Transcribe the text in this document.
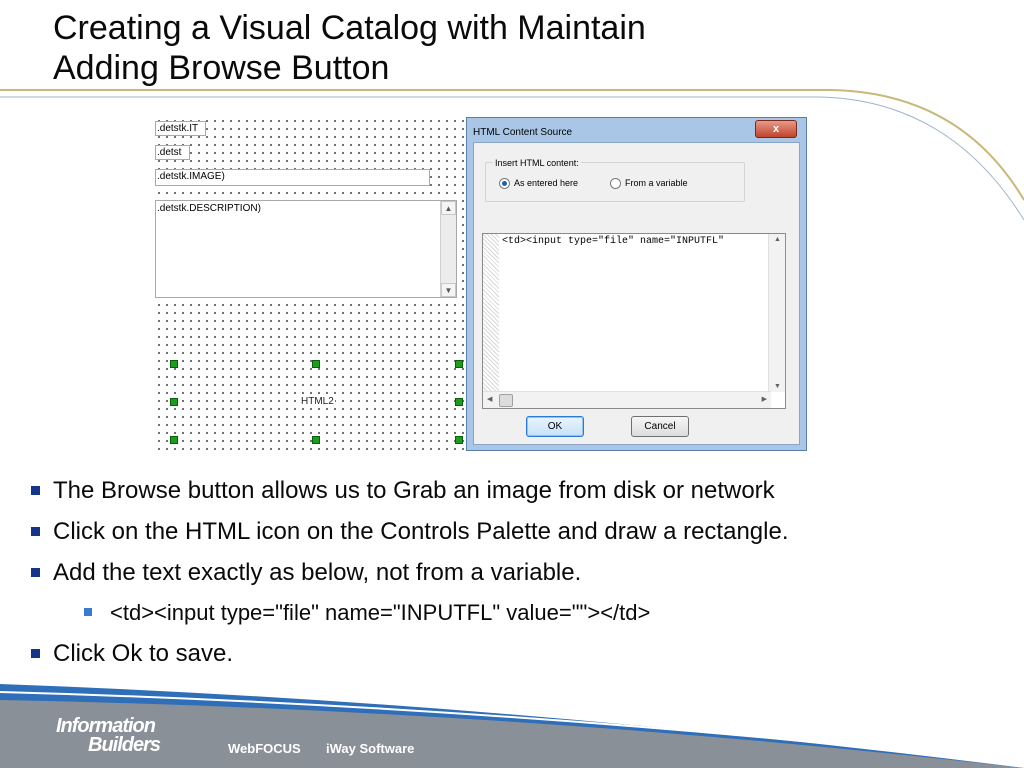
Creating a Visual Catalog with Maintain
Adding Browse Button
.detstk.IT
.detst
.detstk.IMAGE)
.detstk.DESCRIPTION)	▲
▼
HTML2
HTML Content Source	x
Insert HTML content:
As entered here	From a variable
<td><input type="file" name="INPUTFL"	▲
▼
◀	▶
OK	Cancel
The Browse button allows us to Grab an image from disk or network
Click on the HTML icon on the Controls Palette and draw a rectangle.
Add the text exactly as below, not from a variable.
<td><input type="file" name="INPUTFL" value=""></td>
Click Ok to save.
Information
Builders	WebFOCUS iWay Software
